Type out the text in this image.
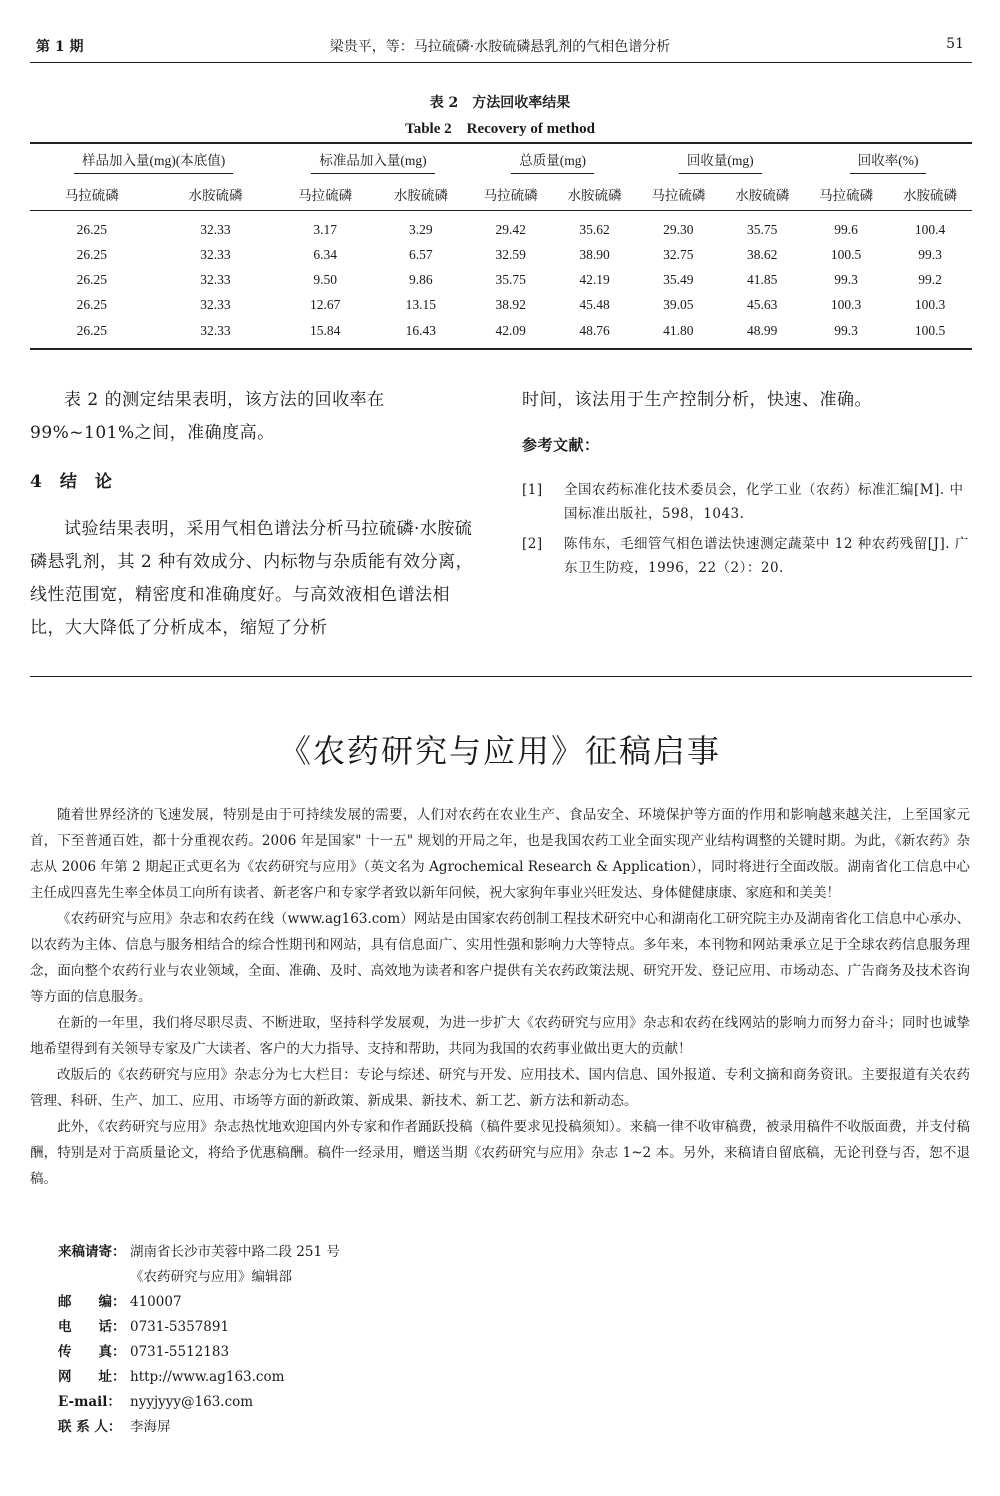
第 1 期	梁贵平，等：马拉硫磷·水胺硫磷悬乳剂的气相色谱分析	51
表 2　方法回收率结果
Table 2　Recovery of method
样品加入量(mg)(本底值)		标准品加入量(mg)		总质量(mg)		回收量(mg)		回收率(%)	
马拉硫磷	水胺硫磷	马拉硫磷	水胺硫磷	马拉硫磷	水胺硫磷	马拉硫磷	水胺硫磷	马拉硫磷	水胺硫磷
26.25	32.33	3.17	3.29	29.42	35.62	29.30	35.75	99.6	100.4
26.25	32.33	6.34	6.57	32.59	38.90	32.75	38.62	100.5	99.3
26.25	32.33	9.50	9.86	35.75	42.19	35.49	41.85	99.3	99.2
26.25	32.33	12.67	13.15	38.92	45.48	39.05	45.63	100.3	100.3
26.25	32.33	15.84	16.43	42.09	48.76	41.80	48.99	99.3	100.5

表 2 的测定结果表明，该方法的回收率在 99%~101%之间，准确度高。

4　结　论

试验结果表明，采用气相色谱法分析马拉硫磷·水胺硫磷悬乳剂，其 2 种有效成分、内标物与杂质能有效分离，线性范围宽，精密度和准确度好。与高效液相色谱法相比，大大降低了分析成本，缩短了分析

时间，该法用于生产控制分析，快速、准确。
参考文献：
[1] 全国农药标准化技术委员会，化学工业（农药）标准汇编[M]. 中国标准出版社，598，1043.
[2] 陈伟东，毛细管气相色谱法快速测定蔬菜中 12 种农药残留[J]. 广东卫生防疫，1996，22（2）：20.
《农药研究与应用》征稿启事

随着世界经济的飞速发展，特别是由于可持续发展的需要，人们对农药在农业生产、食品安全、环境保护等方面的作用和影响越来越关注，上至国家元首，下至普通百姓，都十分重视农药。2006 年是国家" 十一五" 规划的开局之年，也是我国农药工业全面实现产业结构调整的关键时期。为此，《新农药》杂志从 2006 年第 2 期起正式更名为《农药研究与应用》（英文名为 Agrochemical Research & Application），同时将进行全面改版。湖南省化工信息中心主任成四喜先生率全体员工向所有读者、新老客户和专家学者致以新年问候，祝大家狗年事业兴旺发达、身体健健康康、家庭和和美美！

《农药研究与应用》杂志和农药在线（www.ag163.com）网站是由国家农药创制工程技术研究中心和湖南化工研究院主办及湖南省化工信息中心承办、以农药为主体、信息与服务相结合的综合性期刊和网站，具有信息面广、实用性强和影响力大等特点。多年来，本刊物和网站秉承立足于全球农药信息服务理念，面向整个农药行业与农业领域，全面、准确、及时、高效地为读者和客户提供有关农药政策法规、研究开发、登记应用、市场动态、广告商务及技术咨询等方面的信息服务。

在新的一年里，我们将尽职尽责、不断进取，坚持科学发展观，为进一步扩大《农药研究与应用》杂志和农药在线网站的影响力而努力奋斗；同时也诚挚地希望得到有关领导专家及广大读者、客户的大力指导、支持和帮助，共同为我国的农药事业做出更大的贡献！

改版后的《农药研究与应用》杂志分为七大栏目：专论与综述、研究与开发、应用技术、国内信息、国外报道、专利文摘和商务资讯。主要报道有关农药管理、科研、生产、加工、应用、市场等方面的新政策、新成果、新技术、新工艺、新方法和新动态。

此外，《农药研究与应用》杂志热忱地欢迎国内外专家和作者踊跃投稿（稿件要求见投稿须知）。来稿一律不收审稿费，被录用稿件不收版面费，并支付稿酬，特别是对于高质量论文，将给予优惠稿酬。稿件一经录用，赠送当期《农药研究与应用》杂志 1~2 本。另外，来稿请自留底稿，无论刊登与否，恕不退稿。

来稿请寄： 湖南省长沙市芙蓉中路二段 251 号
《农药研究与应用》编辑部
邮　　编： 410007
电　　话： 0731-5357891
传　　真： 0731-5512183
网　　址： http://www.ag163.com
E-mail： nyyjyyy@163.com
联 系 人： 李海屏
